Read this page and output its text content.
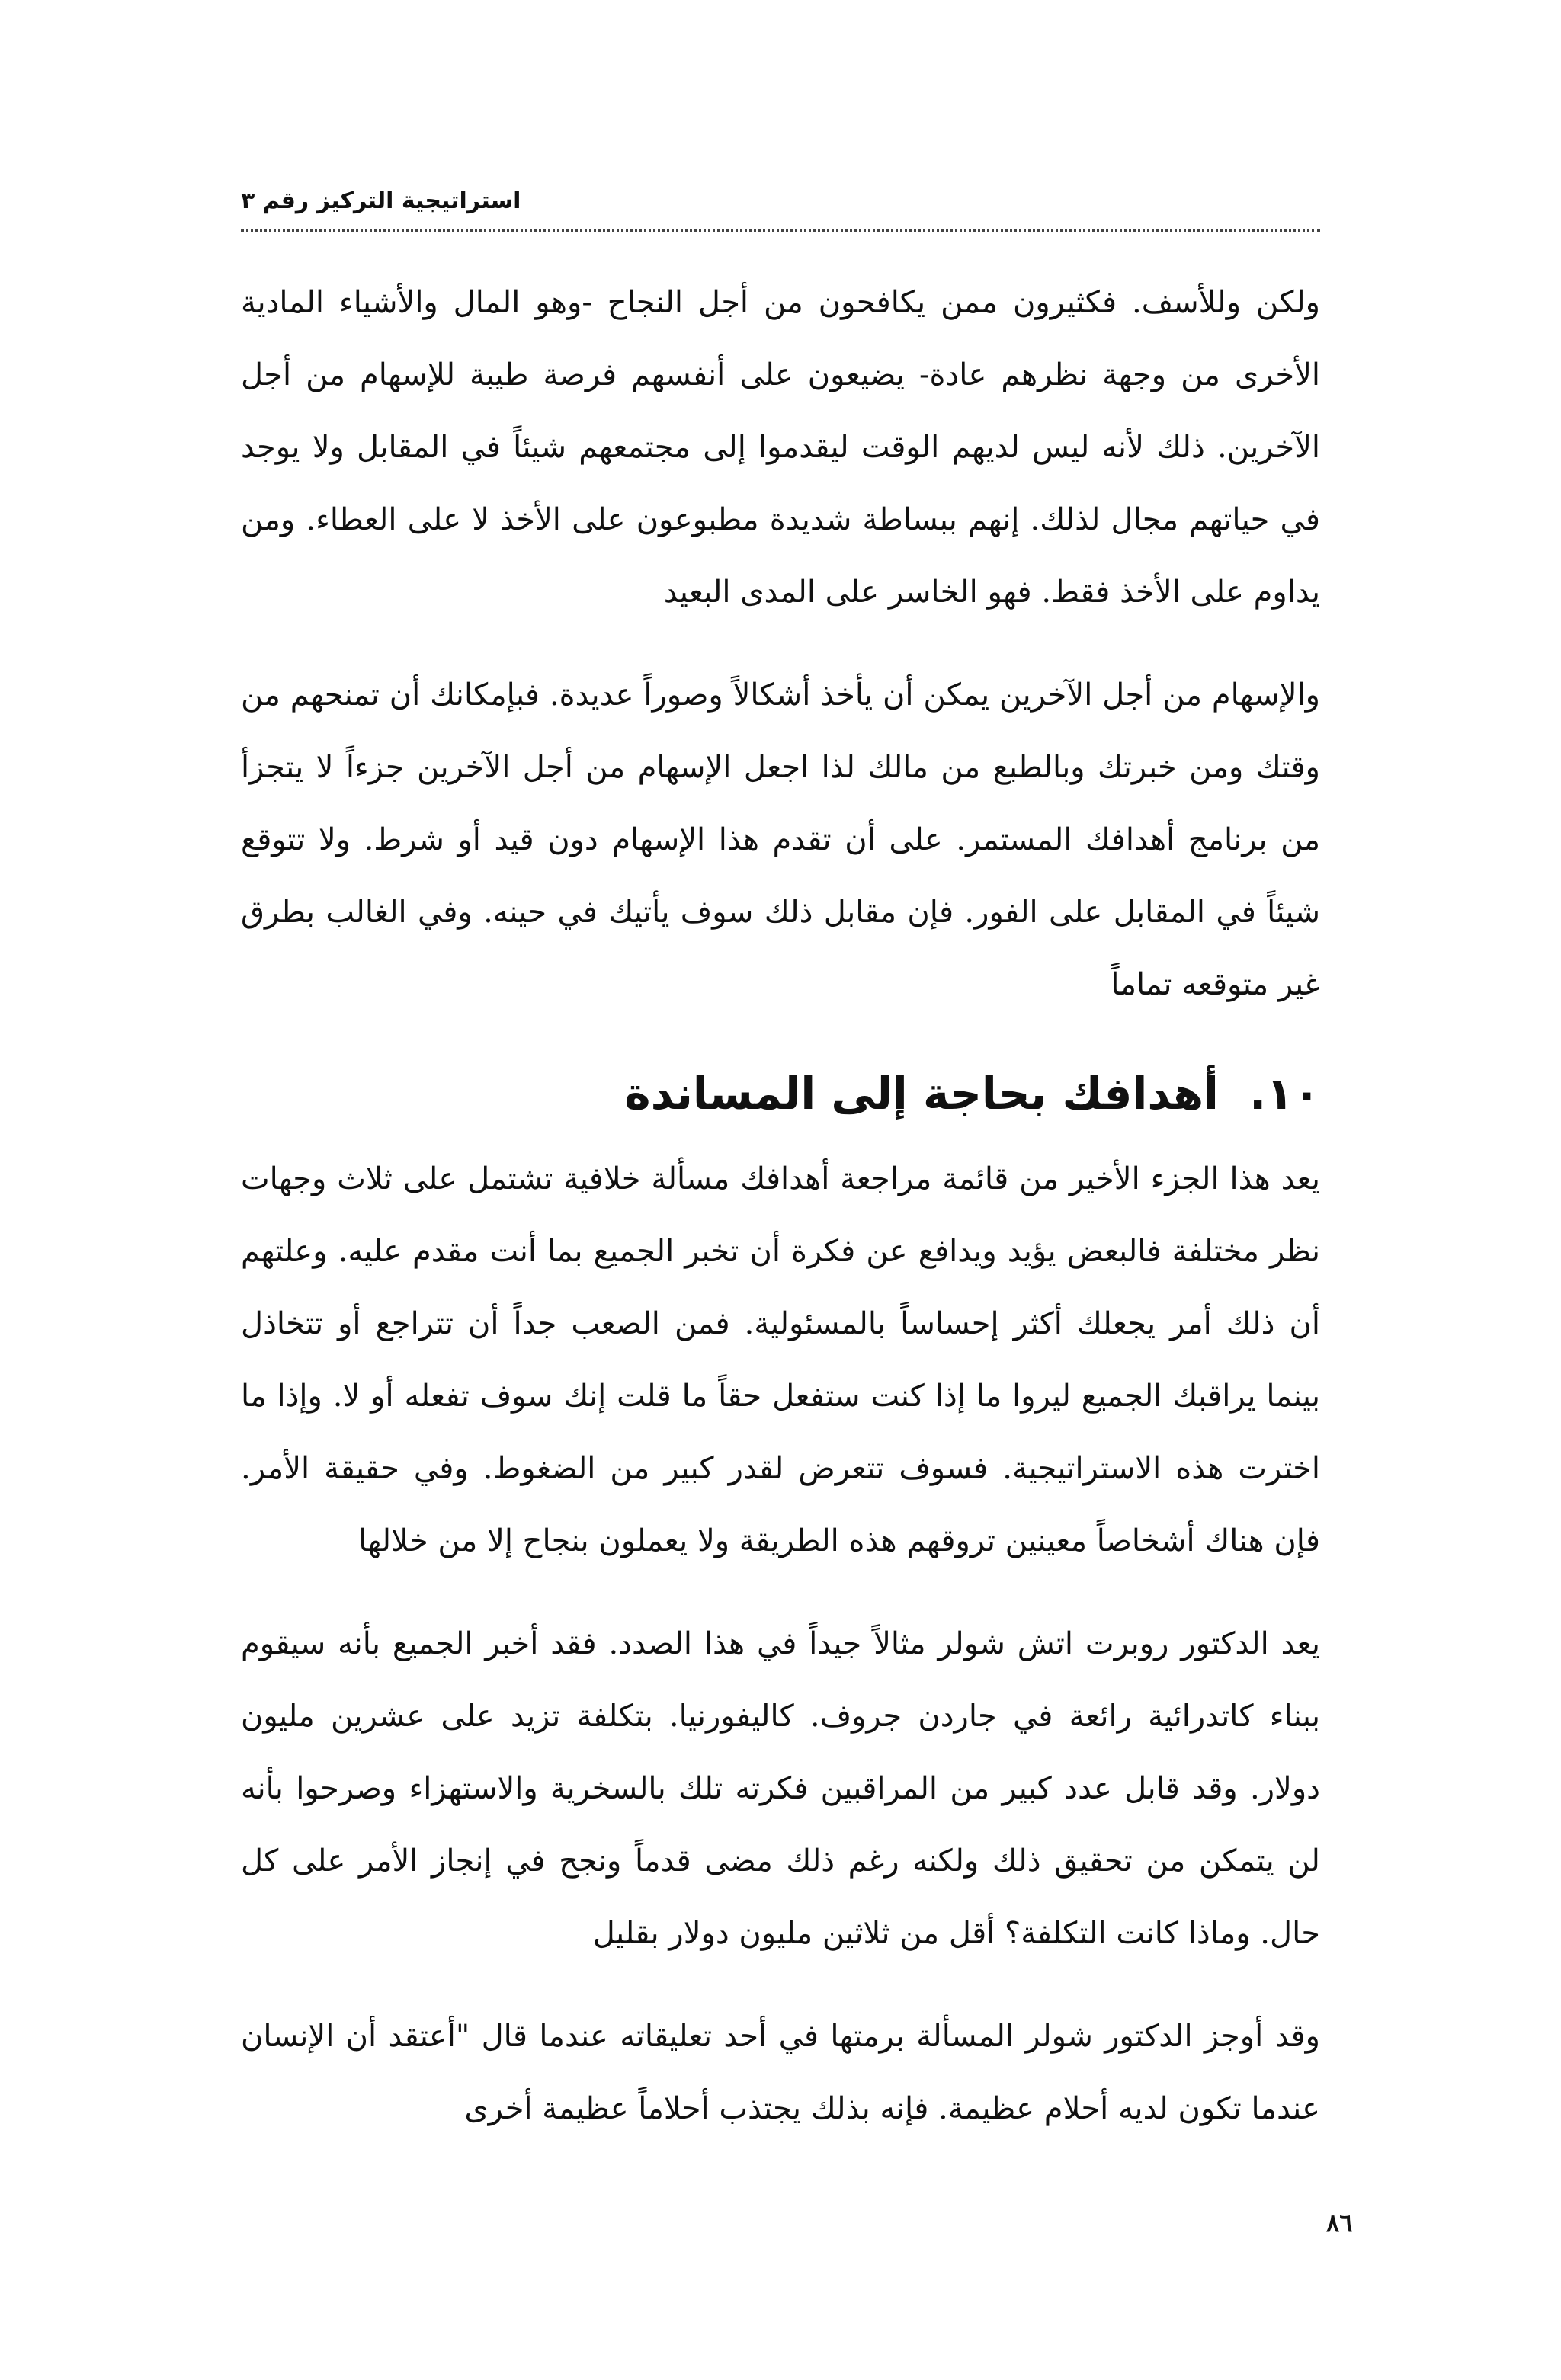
استراتيجية التركيز رقم ٣

ولكن وللأسف. فكثيرون ممن يكافحون من أجل النجاح -وهو المال والأشياء المادية الأخرى من وجهة نظرهم عادة- يضيعون على أنفسهم فرصة طيبة للإسهام من أجل الآخرين. ذلك لأنه ليس لديهم الوقت ليقدموا إلى مجتمعهم شيئاً في المقابل ولا يوجد في حياتهم مجال لذلك. إنهم ببساطة شديدة مطبوعون على الأخذ لا على العطاء. ومن يداوم على الأخذ فقط. فهو الخاسر على المدى البعيد

والإسهام من أجل الآخرين يمكن أن يأخذ أشكالاً وصوراً عديدة. فبإمكانك أن تمنحهم من وقتك ومن خبرتك وبالطبع من مالك لذا اجعل الإسهام من أجل الآخرين جزءاً لا يتجزأ من برنامج أهدافك المستمر. على أن تقدم هذا الإسهام دون قيد أو شرط. ولا تتوقع شيئاً في المقابل على الفور. فإن مقابل ذلك سوف يأتيك في حينه. وفي الغالب بطرق غير متوقعه تماماً

١٠. أهدافك بحاجة إلى المساندة

يعد هذا الجزء الأخير من قائمة مراجعة أهدافك مسألة خلافية تشتمل على ثلاث وجهات نظر مختلفة فالبعض يؤيد ويدافع عن فكرة أن تخبر الجميع بما أنت مقدم عليه. وعلتهم أن ذلك أمر يجعلك أكثر إحساساً بالمسئولية. فمن الصعب جداً أن تتراجع أو تتخاذل بينما يراقبك الجميع ليروا ما إذا كنت ستفعل حقاً ما قلت إنك سوف تفعله أو لا. وإذا ما اخترت هذه الاستراتيجية. فسوف تتعرض لقدر كبير من الضغوط. وفي حقيقة الأمر. فإن هناك أشخاصاً معينين تروقهم هذه الطريقة ولا يعملون بنجاح إلا من خلالها

يعد الدكتور روبرت اتش شولر مثالاً جيداً في هذا الصدد. فقد أخبر الجميع بأنه سيقوم ببناء كاتدرائية رائعة في جاردن جروف. كاليفورنيا. بتكلفة تزيد على عشرين مليون دولار. وقد قابل عدد كبير من المراقبين فكرته تلك بالسخرية والاستهزاء وصرحوا بأنه لن يتمكن من تحقيق ذلك ولكنه رغم ذلك مضى قدماً ونجح في إنجاز الأمر على كل حال. وماذا كانت التكلفة؟ أقل من ثلاثين مليون دولار بقليل

وقد أوجز الدكتور شولر المسألة برمتها في أحد تعليقاته عندما قال "أعتقد أن الإنسان عندما تكون لديه أحلام عظيمة. فإنه بذلك يجتذب أحلاماً عظيمة أخرى

٨٦
